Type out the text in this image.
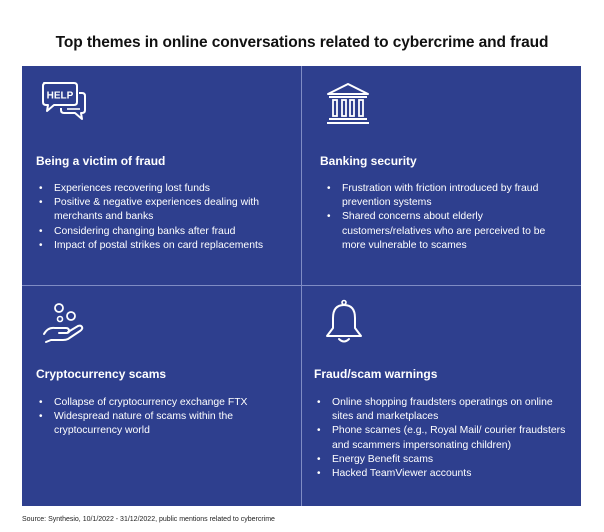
Top themes in online conversations related to cybercrime and fraud
HELP
Being a victim of fraud
• Experiences recovering lost funds
• Positive & negative experiences dealing with merchants and banks
• Considering changing banks after fraud
• Impact of postal strikes on card replacements
Banking security
• Frustration with friction introduced by fraud prevention systems
• Shared concerns about elderly customers/relatives who are perceived to be more vulnerable to scames
Cryptocurrency scams
• Collapse of cryptocurrency exchange FTX
• Widespread nature of scams within the cryptocurrency world
Fraud/scam warnings
• Online shopping fraudsters operatings on online sites and marketplaces
• Phone scames (e.g., Royal Mail/ courier fraudsters and scammers impersonating children)
• Energy Benefit scams
• Hacked TeamViewer accounts
Source: Synthesio, 10/1/2022 - 31/12/2022, public mentions related to cybercrime
